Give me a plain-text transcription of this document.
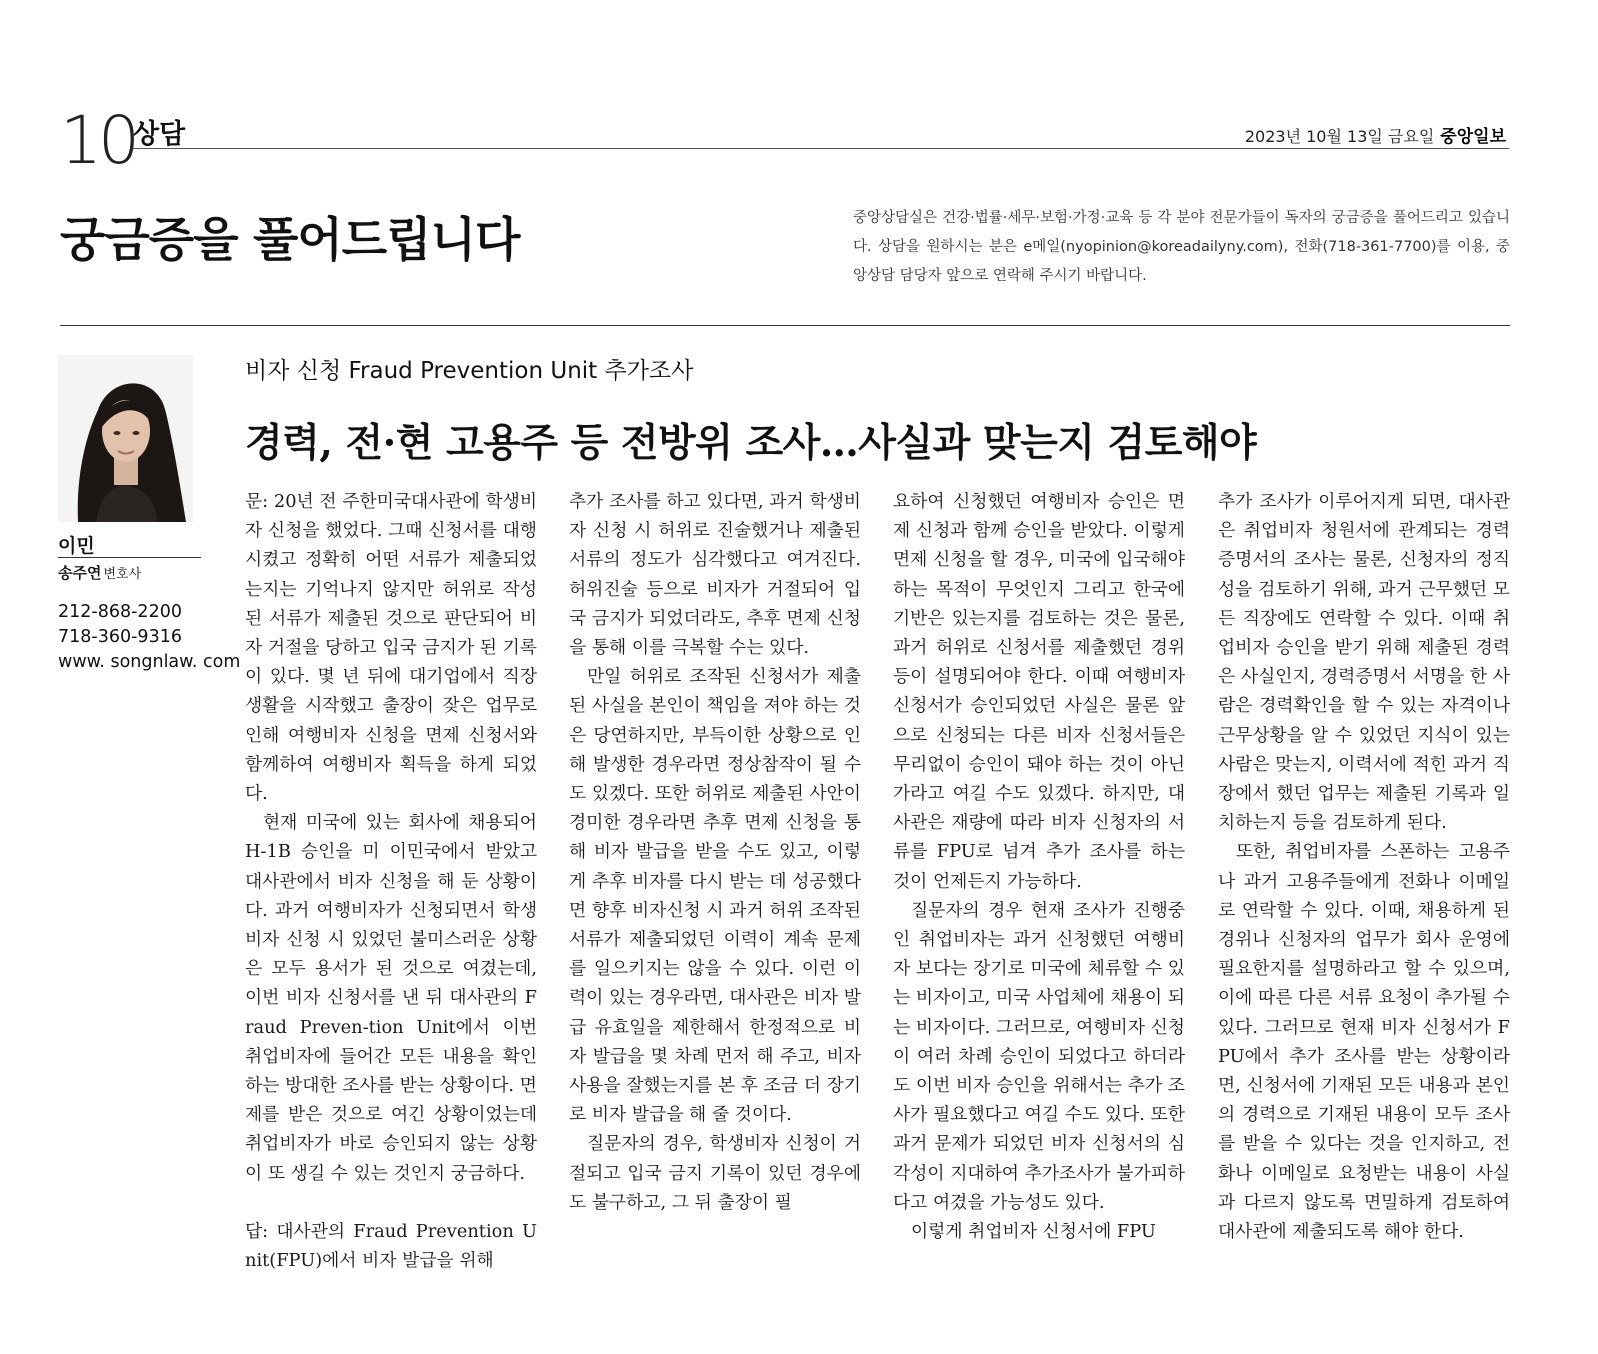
10
상담	2023년 10월 13일 금요일 중앙일보
궁금증을 풀어드립니다	중앙상담실은 건강·법률·세무·보험·가정·교육 등 각 분야 전문가들이 독자의 궁금증을 풀어드리고 있습니다. 상담을 원하시는 분은 e메일(nyopinion@koreadailyny.com), 전화(718-361-7700)를 이용, 중앙상담 담당자 앞으로 연락해 주시기 바랍니다.
이민
송주연 변호사
212-868-2200
718-360-9316
www. songnlaw. com
비자 신청 Fraud Prevention Unit 추가조사
경력, 전·현 고용주 등 전방위 조사…사실과 맞는지 검토해야

문: 20년 전 주한미국대사관에 학생비자 신청을 했었다. 그때 신청서를 대행시켰고 정확히 어떤 서류가 제출되었는지는 기억나지 않지만 허위로 작성된 서류가 제출된 것으로 판단되어 비자 거절을 당하고 입국 금지가 된 기록이 있다. 몇 년 뒤에 대기업에서 직장생활을 시작했고 출장이 잦은 업무로 인해 여행비자 신청을 면제 신청서와 함께하여 여행비자 획득을 하게 되었다.

현재 미국에 있는 회사에 채용되어 H-1B 승인을 미 이민국에서 받았고 대사관에서 비자 신청을 해 둔 상황이다. 과거 여행비자가 신청되면서 학생비자 신청 시 있었던 불미스러운 상황은 모두 용서가 된 것으로 여겼는데, 이번 비자 신청서를 낸 뒤 대사관의 Fraud Preven-tion Unit에서 이번 취업비자에 들어간 모든 내용을 확인하는 방대한 조사를 받는 상황이다. 면제를 받은 것으로 여긴 상황이었는데 취업비자가 바로 승인되지 않는 상황이 또 생길 수 있는 것인지 궁금하다.

답: 대사관의 Fraud Prevention Unit(FPU)에서 비자 발급을 위해

추가 조사를 하고 있다면, 과거 학생비자 신청 시 허위로 진술했거나 제출된 서류의 정도가 심각했다고 여겨진다. 허위진술 등으로 비자가 거절되어 입국 금지가 되었더라도, 추후 면제 신청을 통해 이를 극복할 수는 있다.

만일 허위로 조작된 신청서가 제출된 사실을 본인이 책임을 져야 하는 것은 당연하지만, 부득이한 상황으로 인해 발생한 경우라면 정상참작이 될 수도 있겠다. 또한 허위로 제출된 사안이 경미한 경우라면 추후 면제 신청을 통해 비자 발급을 받을 수도 있고, 이렇게 추후 비자를 다시 받는 데 성공했다면 향후 비자신청 시 과거 허위 조작된 서류가 제출되었던 이력이 계속 문제를 일으키지는 않을 수 있다. 이런 이력이 있는 경우라면, 대사관은 비자 발급 유효일을 제한해서 한정적으로 비자 발급을 몇 차례 먼저 해 주고, 비자 사용을 잘했는지를 본 후 조금 더 장기로 비자 발급을 해 줄 것이다.

질문자의 경우, 학생비자 신청이 거절되고 입국 금지 기록이 있던 경우에도 불구하고, 그 뒤 출장이 필

요하여 신청했던 여행비자 승인은 면제 신청과 함께 승인을 받았다. 이렇게 면제 신청을 할 경우, 미국에 입국해야 하는 목적이 무엇인지 그리고 한국에 기반은 있는지를 검토하는 것은 물론, 과거 허위로 신청서를 제출했던 경위 등이 설명되어야 한다. 이때 여행비자 신청서가 승인되었던 사실은 물론 앞으로 신청되는 다른 비자 신청서들은 무리없이 승인이 돼야 하는 것이 아닌가라고 여길 수도 있겠다. 하지만, 대사관은 재량에 따라 비자 신청자의 서류를 FPU로 넘겨 추가 조사를 하는 것이 언제든지 가능하다.

질문자의 경우 현재 조사가 진행중인 취업비자는 과거 신청했던 여행비자 보다는 장기로 미국에 체류할 수 있는 비자이고, 미국 사업체에 채용이 되는 비자이다. 그러므로, 여행비자 신청이 여러 차례 승인이 되었다고 하더라도 이번 비자 승인을 위해서는 추가 조사가 필요했다고 여길 수도 있다. 또한 과거 문제가 되었던 비자 신청서의 심각성이 지대하여 추가조사가 불가피하다고 여겼을 가능성도 있다.

이렇게 취업비자 신청서에 FPU

추가 조사가 이루어지게 되면, 대사관은 취업비자 청원서에 관계되는 경력증명서의 조사는 물론, 신청자의 정직성을 검토하기 위해, 과거 근무했던 모든 직장에도 연락할 수 있다. 이때 취업비자 승인을 받기 위해 제출된 경력은 사실인지, 경력증명서 서명을 한 사람은 경력확인을 할 수 있는 자격이나 근무상황을 알 수 있었던 지식이 있는 사람은 맞는지, 이력서에 적힌 과거 직장에서 했던 업무는 제출된 기록과 일치하는지 등을 검토하게 된다.

또한, 취업비자를 스폰하는 고용주나 과거 고용주들에게 전화나 이메일로 연락할 수 있다. 이때, 채용하게 된 경위나 신청자의 업무가 회사 운영에 필요한지를 설명하라고 할 수 있으며, 이에 따른 다른 서류 요청이 추가될 수 있다. 그러므로 현재 비자 신청서가 FPU에서 추가 조사를 받는 상황이라면, 신청서에 기재된 모든 내용과 본인의 경력으로 기재된 내용이 모두 조사를 받을 수 있다는 것을 인지하고, 전화나 이메일로 요청받는 내용이 사실과 다르지 않도록 면밀하게 검토하여 대사관에 제출되도록 해야 한다.
